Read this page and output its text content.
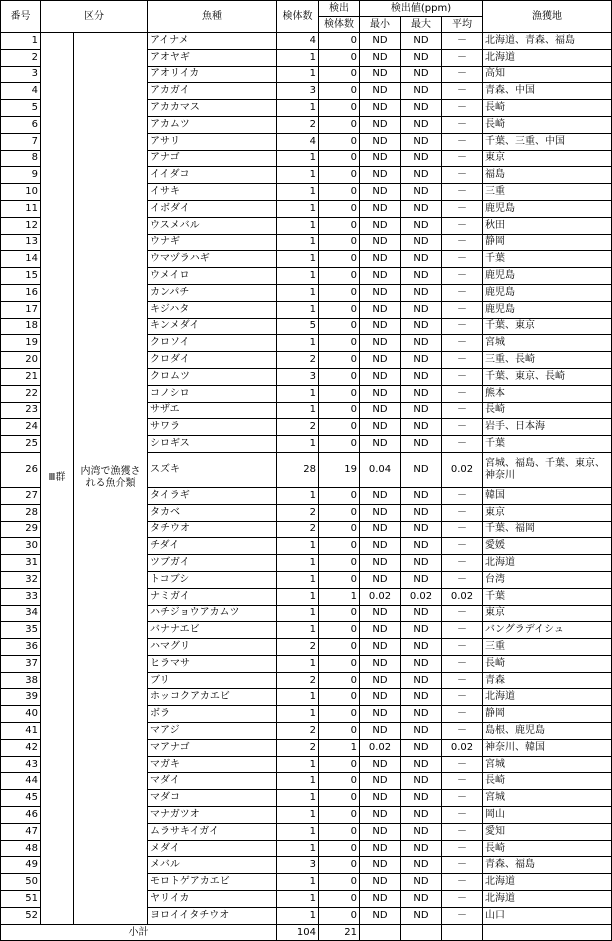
番号	区分		魚種	検体数	検出	検出値(ppm)			漁獲地
					検体数	最小	最大	平均	
1	Ⅲ群	内湾で漁獲される魚介類	アイナメ	4	0	ND	ND	－	北海道、青森、福島
2			アオヤギ	1	0	ND	ND	－	北海道
3			アオリイカ	1	0	ND	ND	－	高知
4			アカガイ	3	0	ND	ND	－	青森、中国
5			アカカマス	1	0	ND	ND	－	長崎
6			アカムツ	2	0	ND	ND	－	長崎
7			アサリ	4	0	ND	ND	－	千葉、三重、中国
8			アナゴ	1	0	ND	ND	－	東京
9			イイダコ	1	0	ND	ND	－	福島
10			イサキ	1	0	ND	ND	－	三重
11			イボダイ	1	0	ND	ND	－	鹿児島
12			ウスメバル	1	0	ND	ND	－	秋田
13			ウナギ	1	0	ND	ND	－	静岡
14			ウマヅラハギ	1	0	ND	ND	－	千葉
15			ウメイロ	1	0	ND	ND	－	鹿児島
16			カンパチ	1	0	ND	ND	－	鹿児島
17			キジハタ	1	0	ND	ND	－	鹿児島
18			キンメダイ	5	0	ND	ND	－	千葉、東京
19			クロソイ	1	0	ND	ND	－	宮城
20			クロダイ	2	0	ND	ND	－	三重、長崎
21			クロムツ	3	0	ND	ND	－	千葉、東京、長崎
22			コノシロ	1	0	ND	ND	－	熊本
23			サザエ	1	0	ND	ND	－	長崎
24			サワラ	2	0	ND	ND	－	岩手、日本海
25			シロギス	1	0	ND	ND	－	千葉
26			スズキ	28	19	0.04	ND	0.02	宮城、福島、千葉、東京、神奈川
27			タイラギ	1	0	ND	ND	－	韓国
28			タカベ	2	0	ND	ND	－	東京
29			タチウオ	2	0	ND	ND	－	千葉、福岡
30			チダイ	1	0	ND	ND	－	愛媛
31			ツブガイ	1	0	ND	ND	－	北海道
32			トコブシ	1	0	ND	ND	－	台湾
33			ナミガイ	1	1	0.02	0.02	0.02	千葉
34			ハチジョウアカムツ	1	0	ND	ND	－	東京
35			バナナエビ	1	0	ND	ND	－	バングラデイシュ
36			ハマグリ	2	0	ND	ND	－	三重
37			ヒラマサ	1	0	ND	ND	－	長崎
38			ブリ	2	0	ND	ND	－	青森
39			ホッコクアカエビ	1	0	ND	ND	－	北海道
40			ボラ	1	0	ND	ND	－	静岡
41			マアジ	2	0	ND	ND	－	島根、鹿児島
42			マアナゴ	2	1	0.02	ND	0.02	神奈川、韓国
43			マガキ	1	0	ND	ND	－	宮城
44			マダイ	1	0	ND	ND	－	長崎
45			マダコ	1	0	ND	ND	－	宮城
46			マナガツオ	1	0	ND	ND	－	岡山
47			ムラサキイガイ	1	0	ND	ND	－	愛知
48			メダイ	1	0	ND	ND	－	長崎
49			メバル	3	0	ND	ND	－	青森、福島
50			モロトゲアカエビ	1	0	ND	ND	－	北海道
51			ヤリイカ	1	0	ND	ND	－	北海道
52			ヨロイイタチウオ	1	0	ND	ND	－	山口
小計				104	21				
